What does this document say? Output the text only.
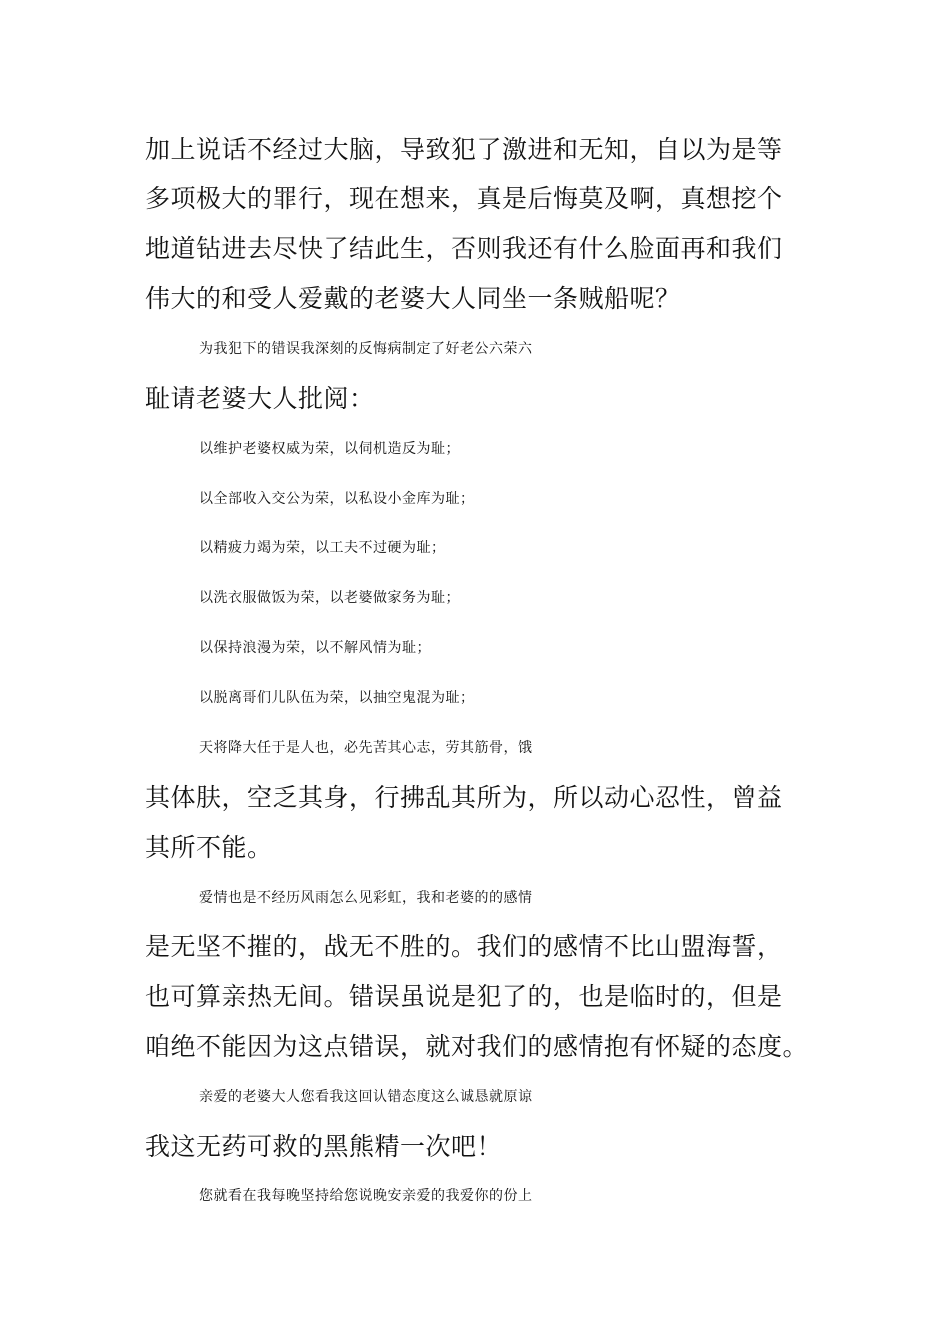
加上说话不经过大脑，导致犯了激进和无知，自以为是等
多项极大的罪行，现在想来，真是后悔莫及啊，真想挖个
地道钻进去尽快了结此生，否则我还有什么脸面再和我们
伟大的和受人爱戴的老婆大人同坐一条贼船呢？
为我犯下的错误我深刻的反悔病制定了好老公六荣六
耻请老婆大人批阅：
以维护老婆权威为荣，以伺机造反为耻；
以全部收入交公为荣，以私设小金库为耻；
以精疲力竭为荣，以工夫不过硬为耻；
以洗衣服做饭为荣，以老婆做家务为耻；
以保持浪漫为荣，以不解风情为耻；
以脱离哥们儿队伍为荣，以抽空鬼混为耻；
天将降大任于是人也，必先苦其心志，劳其筋骨，饿
其体肤，空乏其身，行拂乱其所为，所以动心忍性，曾益
其所不能。
爱情也是不经历风雨怎么见彩虹，我和老婆的的感情
是无坚不摧的，战无不胜的。我们的感情不比山盟海誓，
也可算亲热无间。错误虽说是犯了的，也是临时的，但是
咱绝不能因为这点错误，就对我们的感情抱有怀疑的态度。
亲爱的老婆大人您看我这回认错态度这么诚恳就原谅
我这无药可救的黑熊精一次吧！
您就看在我每晚坚持给您说晚安亲爱的我爱你的份上
